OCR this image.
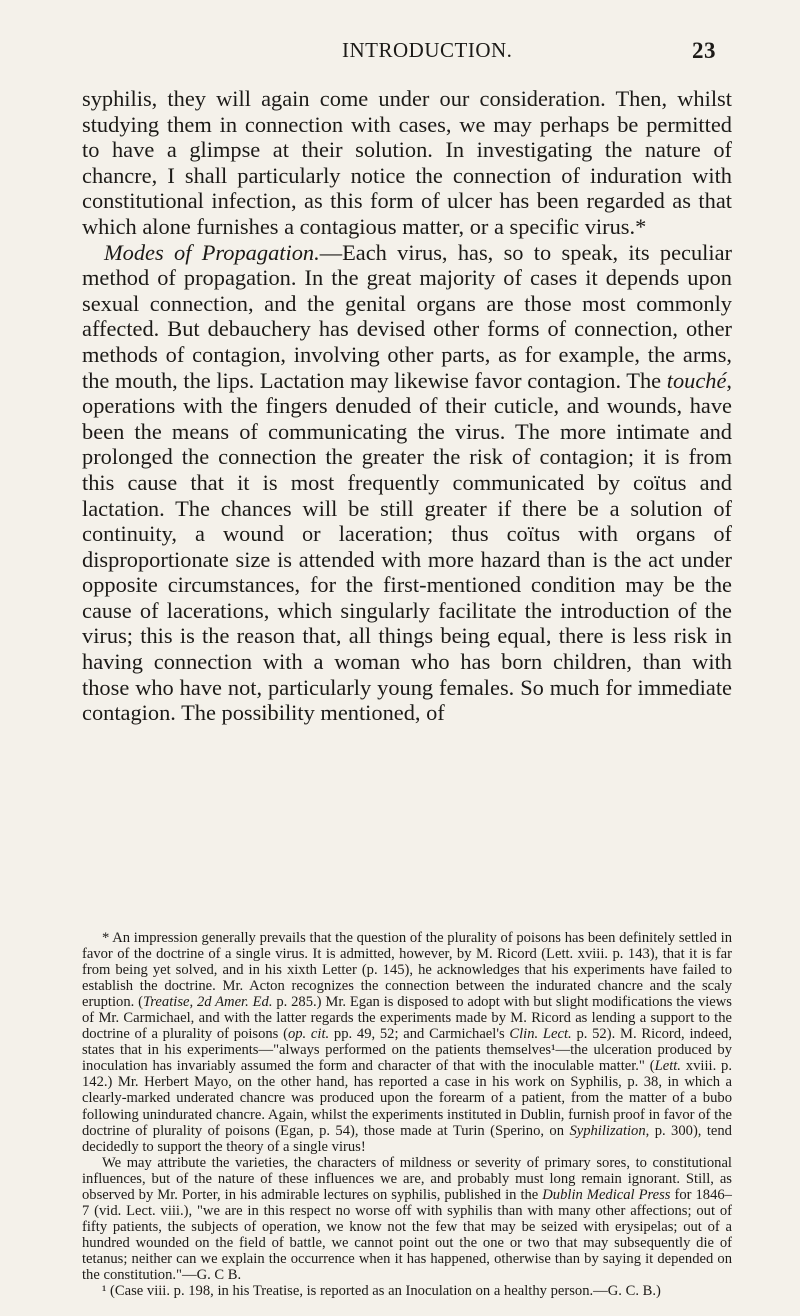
INTRODUCTION.	23

syphilis, they will again come under our consideration. Then, whilst studying them in connection with cases, we may perhaps be permitted to have a glimpse at their solution. In investigating the nature of chancre, I shall particularly notice the connection of induration with constitutional infection, as this form of ulcer has been regarded as that which alone furnishes a contagious matter, or a specific virus.*

Modes of Propagation.—Each virus, has, so to speak, its peculiar method of propagation. In the great majority of cases it depends upon sexual connection, and the genital organs are those most commonly affected. But debauchery has devised other forms of connection, other methods of contagion, involving other parts, as for example, the arms, the mouth, the lips. Lactation may likewise favor contagion. The touché, operations with the fingers denuded of their cuticle, and wounds, have been the means of communicating the virus. The more intimate and prolonged the connection the greater the risk of contagion; it is from this cause that it is most frequently communicated by coïtus and lactation. The chances will be still greater if there be a solution of continuity, a wound or laceration; thus coïtus with organs of disproportionate size is attended with more hazard than is the act under opposite circumstances, for the first-mentioned condition may be the cause of lacerations, which singularly facilitate the introduction of the virus; this is the reason that, all things being equal, there is less risk in having connection with a woman who has born children, than with those who have not, particularly young females. So much for immediate contagion. The possibility mentioned, of

* An impression generally prevails that the question of the plurality of poisons has been definitely settled in favor of the doctrine of a single virus. It is admitted, however, by M. Ricord (Lett. xviii. p. 143), that it is far from being yet solved, and in his xixth Letter (p. 145), he acknowledges that his experiments have failed to establish the doctrine. Mr. Acton recognizes the connection between the indurated chancre and the scaly eruption. (Treatise, 2d Amer. Ed. p. 285.) Mr. Egan is disposed to adopt with but slight modifications the views of Mr. Carmichael, and with the latter regards the experiments made by M. Ricord as lending a support to the doctrine of a plurality of poisons (op. cit. pp. 49, 52; and Carmichael's Clin. Lect. p. 52). M. Ricord, indeed, states that in his experiments—"always performed on the patients themselves¹—the ulceration produced by inoculation has invariably assumed the form and character of that with the inoculable matter." (Lett. xviii. p. 142.) Mr. Herbert Mayo, on the other hand, has reported a case in his work on Syphilis, p. 38, in which a clearly-marked underated chancre was produced upon the forearm of a patient, from the matter of a bubo following unindurated chancre. Again, whilst the experiments instituted in Dublin, furnish proof in favor of the doctrine of plurality of poisons (Egan, p. 54), those made at Turin (Sperino, on Syphilization, p. 300), tend decidedly to support the theory of a single virus!

We may attribute the varieties, the characters of mildness or severity of primary sores, to constitutional influences, but of the nature of these influences we are, and probably must long remain ignorant. Still, as observed by Mr. Porter, in his admirable lectures on syphilis, published in the Dublin Medical Press for 1846–7 (vid. Lect. viii.), "we are in this respect no worse off with syphilis than with many other affections; out of fifty patients, the subjects of operation, we know not the few that may be seized with erysipelas; out of a hundred wounded on the field of battle, we cannot point out the one or two that may subsequently die of tetanus; neither can we explain the occurrence when it has happened, otherwise than by saying it depended on the constitution."—G. C B.

¹ (Case viii. p. 198, in his Treatise, is reported as an Inoculation on a healthy person.—G. C. B.)
